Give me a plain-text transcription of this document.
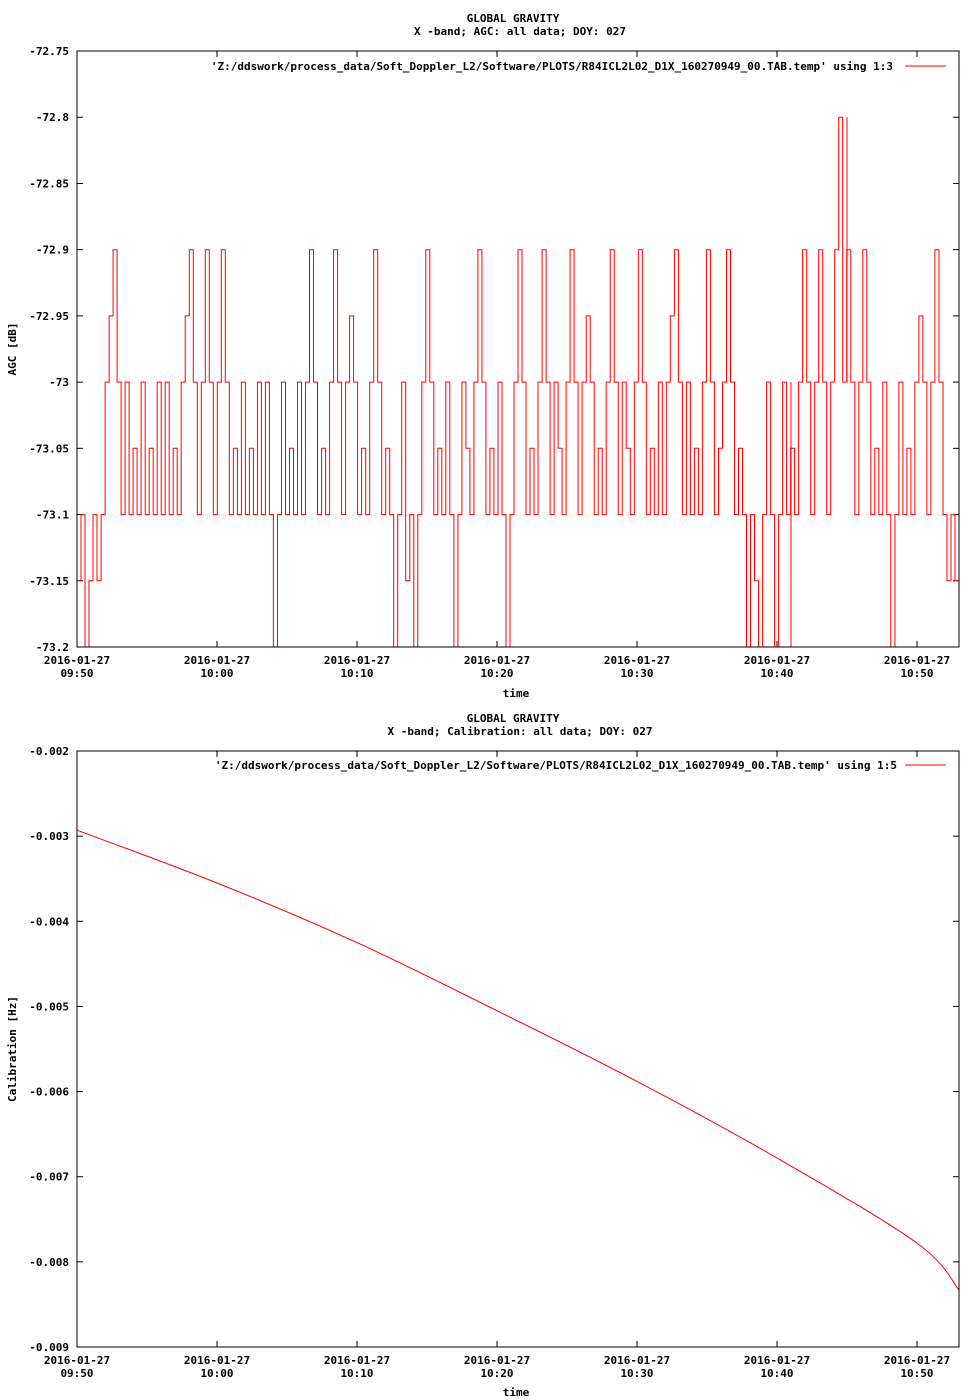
GLOBAL GRAVITY
X -band; AGC: all data; DOY: 027
-72.75
-72.8
-72.85
-72.9
-72.95
-73
-73.05
-73.1
-73.15
-73.2
2016-01-27
09:50
2016-01-27
10:00
2016-01-27
10:10
2016-01-27
10:20
2016-01-27
10:30
2016-01-27
10:40
2016-01-27
10:50
'Z:/ddswork/process_data/Soft_Doppler_L2/Software/PLOTS/R84ICL2L02_D1X_160270949_00.TAB.temp' using 1:3
time
AGC [dB]
GLOBAL GRAVITY
X -band; Calibration: all data; DOY: 027
-0.002
-0.003
-0.004
-0.005
-0.006
-0.007
-0.008
-0.009
2016-01-27
09:50
2016-01-27
10:00
2016-01-27
10:10
2016-01-27
10:20
2016-01-27
10:30
2016-01-27
10:40
2016-01-27
10:50
'Z:/ddswork/process_data/Soft_Doppler_L2/Software/PLOTS/R84ICL2L02_D1X_160270949_00.TAB.temp' using 1:5
time
Calibration [Hz]
